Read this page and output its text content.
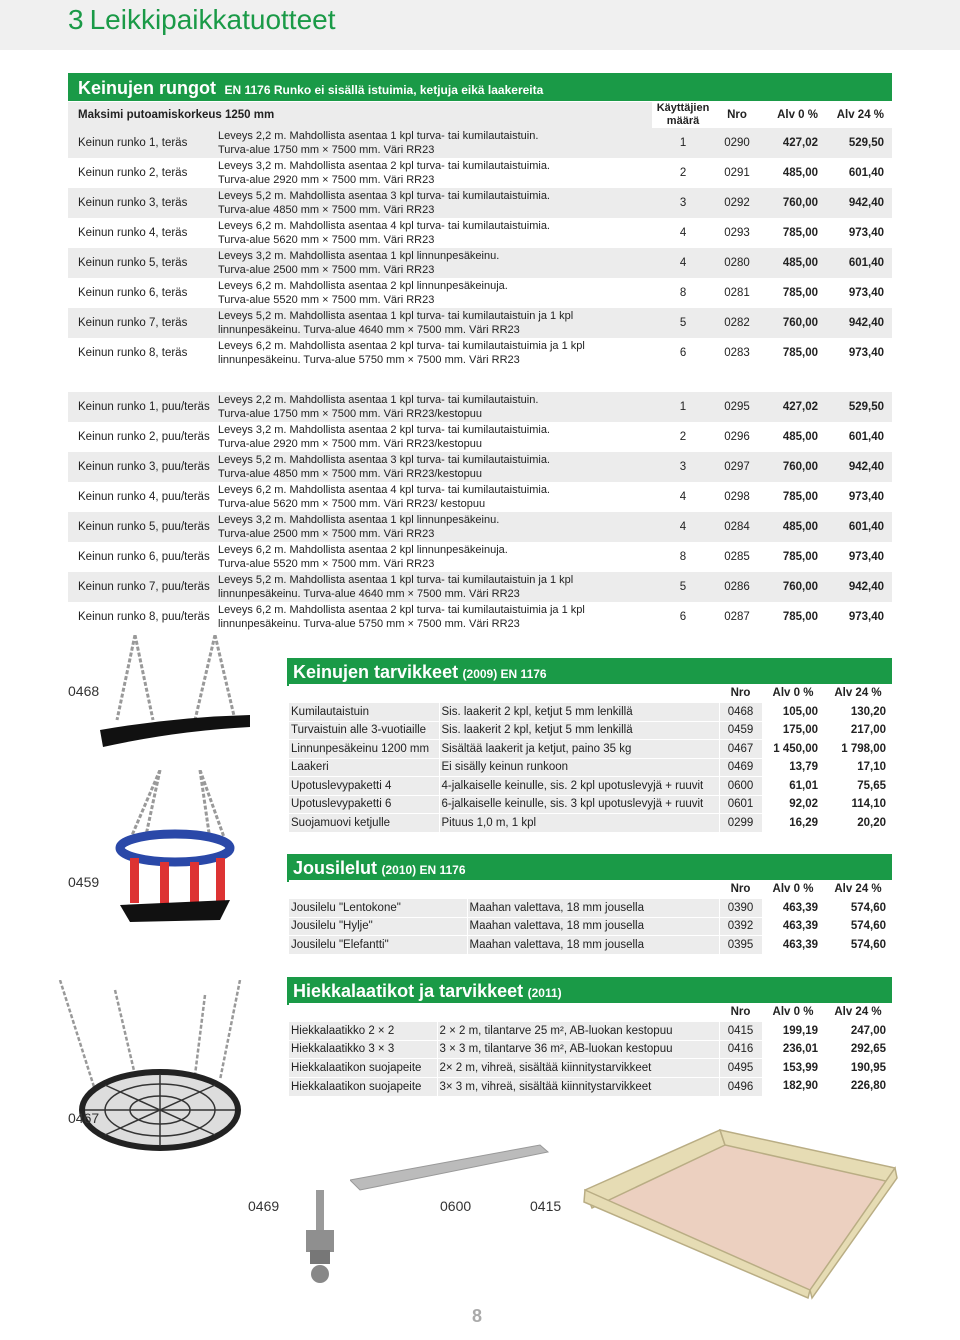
3 Leikkipaikkatuotteet
Keinujen rungot EN 1176 Runko ei sisällä istuimia, ketjuja eikä laakereita
Maksimi putoamiskorkeus 1250 mm		Käyttäjien määrä	Nro	Alv 0 %	Alv 24 %
Keinun runko 1, teräs	Leveys 2,2 m. Mahdollista asentaa 1 kpl turva- tai kumilautaistuin.
Turva-alue 1750 mm × 7500 mm. Väri RR23	1	0290	427,02	529,50
Keinun runko 2, teräs	Leveys 3,2 m. Mahdollista asentaa 2 kpl turva- tai kumilautaistuimia.
Turva-alue 2920 mm × 7500 mm. Väri RR23	2	0291	485,00	601,40
Keinun runko 3, teräs	Leveys 5,2 m. Mahdollista asentaa 3 kpl turva- tai kumilautaistuimia.
Turva-alue 4850 mm × 7500 mm. Väri RR23	3	0292	760,00	942,40
Keinun runko 4, teräs	Leveys 6,2 m. Mahdollista asentaa 4 kpl turva- tai kumilautaistuimia.
Turva-alue 5620 mm × 7500 mm. Väri RR23	4	0293	785,00	973,40
Keinun runko 5, teräs	Leveys 3,2 m. Mahdollista asentaa 1 kpl linnunpesäkeinu.
Turva-alue 2500 mm × 7500 mm. Väri RR23	4	0280	485,00	601,40
Keinun runko 6, teräs	Leveys 6,2 m. Mahdollista asentaa 2 kpl linnunpesäkeinuja.
Turva-alue 5520 mm × 7500 mm. Väri RR23	8	0281	785,00	973,40
Keinun runko 7, teräs	Leveys 5,2 m. Mahdollista asentaa 1 kpl turva- tai kumilautaistuin ja 1 kpl
linnunpesäkeinu. Turva-alue 4640 mm × 7500 mm. Väri RR23	5	0282	760,00	942,40
Keinun runko 8, teräs	Leveys 6,2 m. Mahdollista asentaa 2 kpl turva- tai kumilautaistuimia ja 1 kpl
linnunpesäkeinu. Turva-alue 5750 mm × 7500 mm. Väri RR23	6	0283	785,00	973,40
Keinun runko 1, puu/teräs	Leveys 2,2 m. Mahdollista asentaa 1 kpl turva- tai kumilautaistuin.
Turva-alue 1750 mm × 7500 mm. Väri RR23/kestopuu	1	0295	427,02	529,50
Keinun runko 2, puu/teräs	Leveys 3,2 m. Mahdollista asentaa 2 kpl turva- tai kumilautaistuimia.
Turva-alue 2920 mm × 7500 mm. Väri RR23/kestopuu	2	0296	485,00	601,40
Keinun runko 3, puu/teräs	Leveys 5,2 m. Mahdollista asentaa 3 kpl turva- tai kumilautaistuimia.
Turva-alue 4850 mm × 7500 mm. Väri RR23/kestopuu	3	0297	760,00	942,40
Keinun runko 4, puu/teräs	Leveys 6,2 m. Mahdollista asentaa 4 kpl turva- tai kumilautaistuimia.
Turva-alue 5620 mm × 7500 mm. Väri RR23/ kestopuu	4	0298	785,00	973,40
Keinun runko 5, puu/teräs	Leveys 3,2 m. Mahdollista asentaa 1 kpl linnunpesäkeinu.
Turva-alue 2500 mm × 7500 mm. Väri RR23	4	0284	485,00	601,40
Keinun runko 6, puu/teräs	Leveys 6,2 m. Mahdollista asentaa 2 kpl linnunpesäkeinuja.
Turva-alue 5520 mm × 7500 mm. Väri RR23	8	0285	785,00	973,40
Keinun runko 7, puu/teräs	Leveys 5,2 m. Mahdollista asentaa 1 kpl turva- tai kumilautaistuin ja 1 kpl
linnunpesäkeinu. Turva-alue 4640 mm × 7500 mm. Väri RR23	5	0286	760,00	942,40
Keinun runko 8, puu/teräs	Leveys 6,2 m. Mahdollista asentaa 2 kpl turva- tai kumilautaistuimia ja 1 kpl
linnunpesäkeinu. Turva-alue 5750 mm × 7500 mm. Väri RR23	6	0287	785,00	973,40
0468
0459
0467
0469	0600	0415
Keinujen tarvikkeet (2009) EN 1176
		Nro	Alv 0 %	Alv 24 %
Kumilautaistuin	Sis. laakerit 2 kpl, ketjut 5 mm lenkillä	0468	105,00	130,20
Turvaistuin alle 3-vuotiaille	Sis. laakerit 2 kpl, ketjut 5 mm lenkillä	0459	175,00	217,00
Linnunpesäkeinu 1200 mm	Sisältää laakerit ja ketjut, paino 35 kg	0467	1 450,00	1 798,00
Laakeri	Ei sisälly keinun runkoon	0469	13,79	17,10
Upotuslevypaketti 4	4-jalkaiselle keinulle, sis. 2 kpl upotuslevyjä + ruuvit	0600	61,01	75,65
Upotuslevypaketti 6	6-jalkaiselle keinulle, sis. 3 kpl upotuslevyjä + ruuvit	0601	92,02	114,10
Suojamuovi ketjulle	Pituus 1,0 m, 1 kpl	0299	16,29	20,20
Jousilelut (2010) EN 1176
		Nro	Alv 0 %	Alv 24 %
Jousilelu "Lentokone"	Maahan valettava, 18 mm jousella	0390	463,39	574,60
Jousilelu "Hylje"	Maahan valettava, 18 mm jousella	0392	463,39	574,60
Jousilelu "Elefantti"	Maahan valettava, 18 mm jousella	0395	463,39	574,60
Hiekkalaatikot ja tarvikkeet (2011)
		Nro	Alv 0 %	Alv 24 %
Hiekkalaatikko 2 × 2	2 × 2 m, tilantarve 25 m², AB-luokan kestopuu	0415	199,19	247,00
Hiekkalaatikko 3 × 3	3 × 3 m, tilantarve 36 m², AB-luokan kestopuu	0416	236,01	292,65
Hiekkalaatikon suojapeite	2× 2 m, vihreä, sisältää kiinnitystarvikkeet	0495	153,99	190,95
Hiekkalaatikon suojapeite	3× 3 m, vihreä, sisältää kiinnitystarvikkeet	0496	182,90	226,80
8
